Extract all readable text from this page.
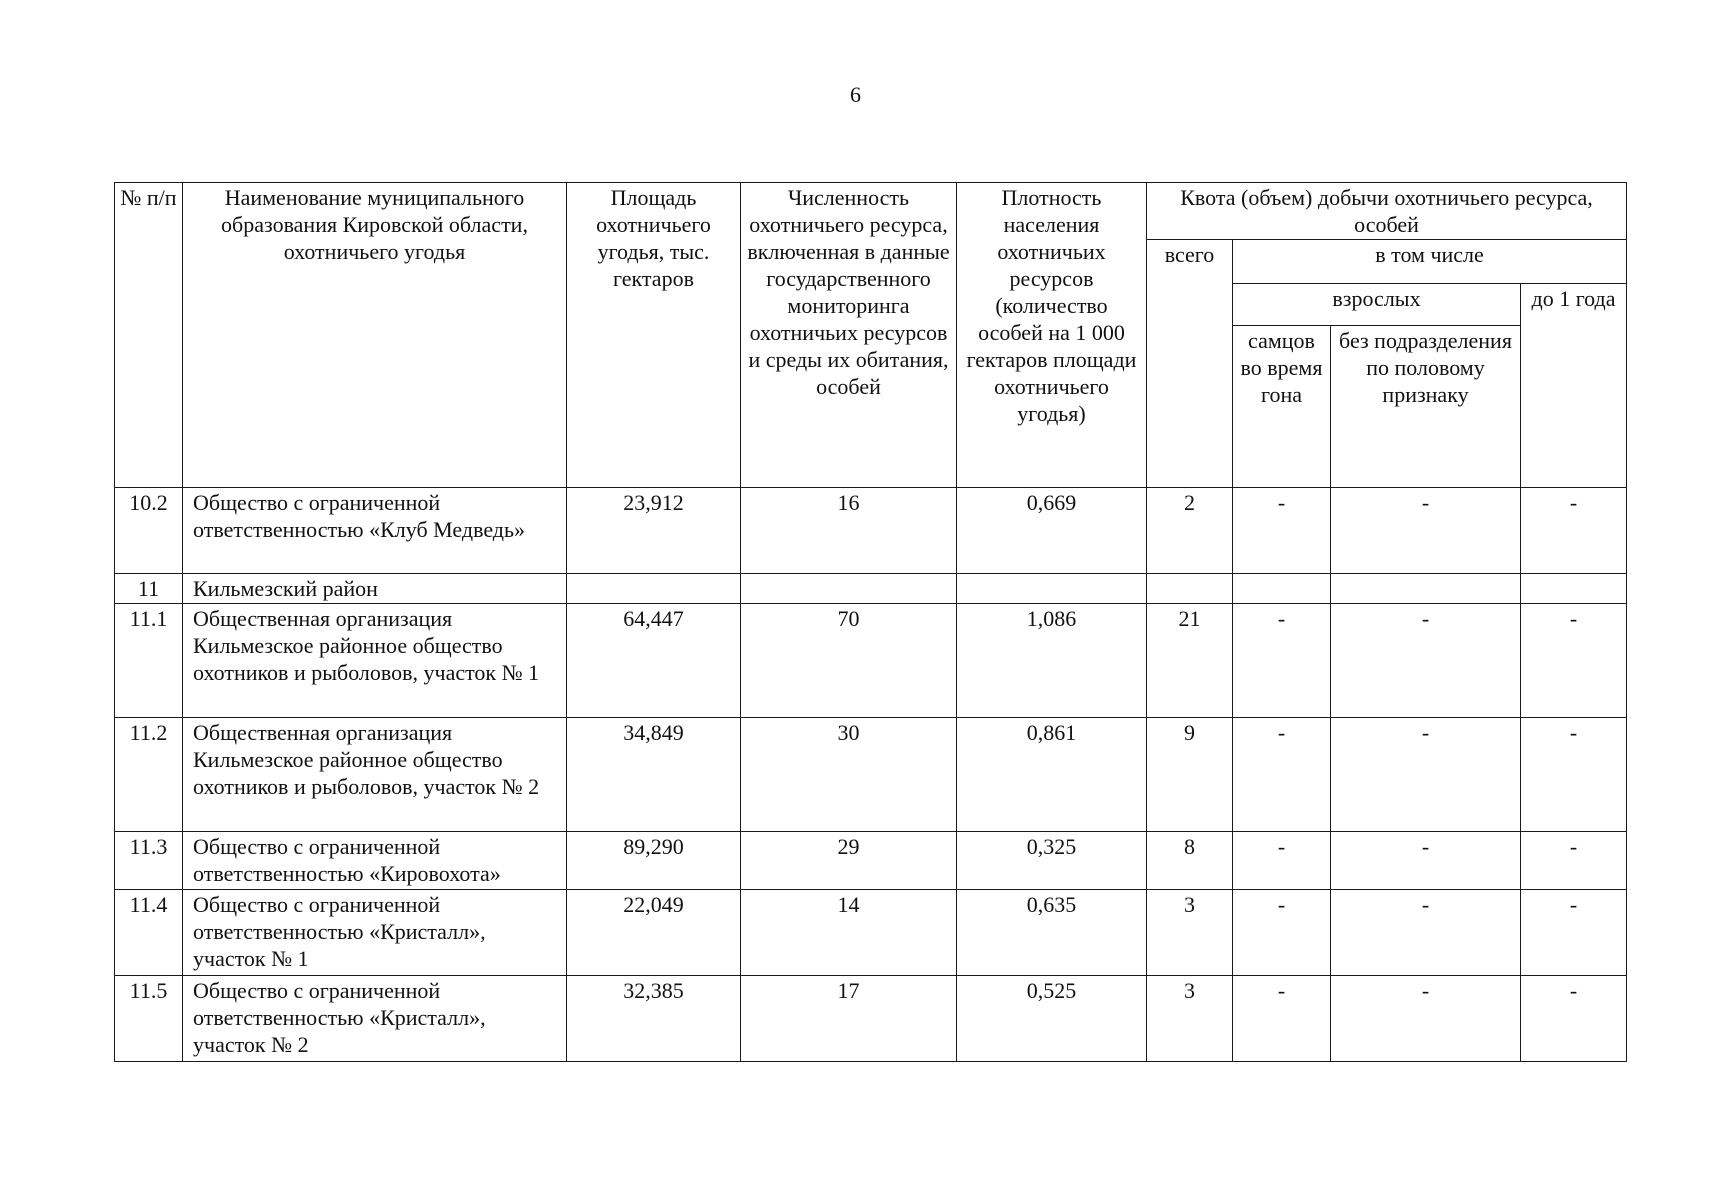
6
№ п/п	Наименование муниципального образования Кировской области, охотничьего угодья	Площадь охотничьего угодья, тыс. гектаров	Численность охотничьего ресурса, включенная в данные государственного мониторинга охотничьих ресурсов и среды их обитания, особей	Плотность населения охотничьих ресурсов (количество особей на 1 000 гектаров площади охотничьего угодья)	Квота (объем) добычи охотничьего ресурса, особей			
					всего	в том числе		
						взрослых		до 1 года
						самцов во время гона	без подразделения по половому признаку	
10.2	Общество с ограниченной ответственностью «Клуб Медведь»	23,912	16	0,669	2	-	-	-
11	Кильмезский район							
11.1	Общественная организация Кильмезское районное общество охотников и рыболовов, участок № 1	64,447	70	1,086	21	-	-	-
11.2	Общественная организация Кильмезское районное общество охотников и рыболовов, участок № 2	34,849	30	0,861	9	-	-	-
11.3	Общество с ограниченной ответственностью «Кировохота»	89,290	29	0,325	8	-	-	-
11.4	Общество с ограниченной ответственностью «Кристалл», участок № 1	22,049	14	0,635	3	-	-	-
11.5	Общество с ограниченной ответственностью «Кристалл», участок № 2	32,385	17	0,525	3	-	-	-
